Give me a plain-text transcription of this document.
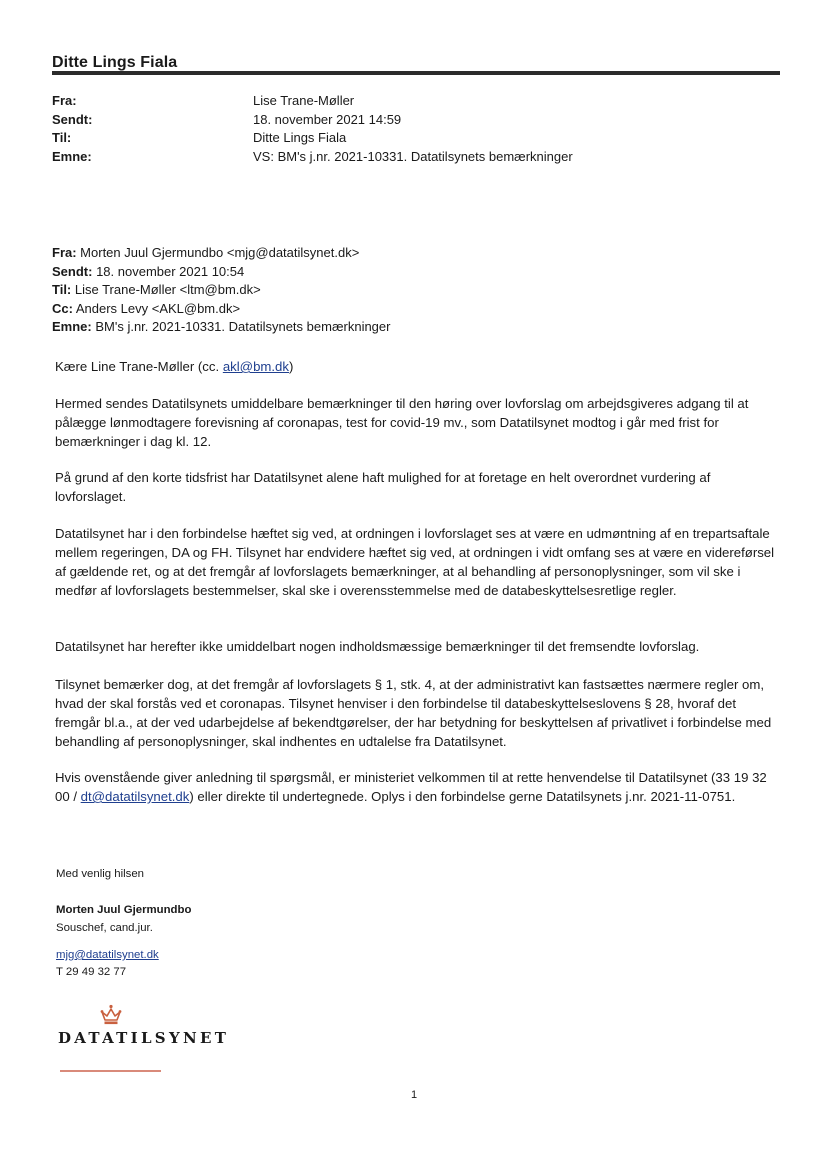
Ditte Lings Fiala
Fra:	Lise Trane-Møller
Sendt:	18. november 2021 14:59
Til:	Ditte Lings Fiala
Emne:	VS: BM's j.nr. 2021-10331. Datatilsynets bemærkninger
Fra: Morten Juul Gjermundbo <mjg@datatilsynet.dk>
Sendt: 18. november 2021 10:54
Til: Lise Trane-Møller <ltm@bm.dk>
Cc: Anders Levy <AKL@bm.dk>
Emne: BM's j.nr. 2021-10331. Datatilsynets bemærkninger

Kære Line Trane-Møller (cc. akl@bm.dk)

Hermed sendes Datatilsynets umiddelbare bemærkninger til den høring over lovforslag om arbejdsgiveres adgang til at pålægge lønmodtagere forevisning af coronapas, test for covid-19 mv., som Datatilsynet modtog i går med frist for bemærkninger i dag kl. 12.

På grund af den korte tidsfrist har Datatilsynet alene haft mulighed for at foretage en helt overordnet vurdering af lovforslaget.

Datatilsynet har i den forbindelse hæftet sig ved, at ordningen i lovforslaget ses at være en udmøntning af en trepartsaftale mellem regeringen, DA og FH. Tilsynet har endvidere hæftet sig ved, at ordningen i vidt omfang ses at være en videreførsel af gældende ret, og at det fremgår af lovforslagets bemærkninger, at al behandling af personoplysninger, som vil ske i medfør af lovforslagets bestemmelser, skal ske i overensstemmelse med de databeskyttelsesretlige regler.

Datatilsynet har herefter ikke umiddelbart nogen indholdsmæssige bemærkninger til det fremsendte lovforslag.

Tilsynet bemærker dog, at det fremgår af lovforslagets § 1, stk. 4, at der administrativt kan fastsættes nærmere regler om, hvad der skal forstås ved et coronapas. Tilsynet henviser i den forbindelse til databeskyttelseslovens § 28, hvoraf det fremgår bl.a., at der ved udarbejdelse af bekendtgørelser, der har betydning for beskyttelsen af privatlivet i forbindelse med behandling af personoplysninger, skal indhentes en udtalelse fra Datatilsynet.

Hvis ovenstående giver anledning til spørgsmål, er ministeriet velkommen til at rette henvendelse til Datatilsynet (33 19 32 00 / dt@datatilsynet.dk) eller direkte til undertegnede. Oplys i den forbindelse gerne Datatilsynets j.nr. 2021-11-0751.

Med venlig hilsen
Morten Juul Gjermundbo
Souschef, cand.jur.
mjg@datatilsynet.dk
T 29 49 32 77
DATATILSYNET
1
